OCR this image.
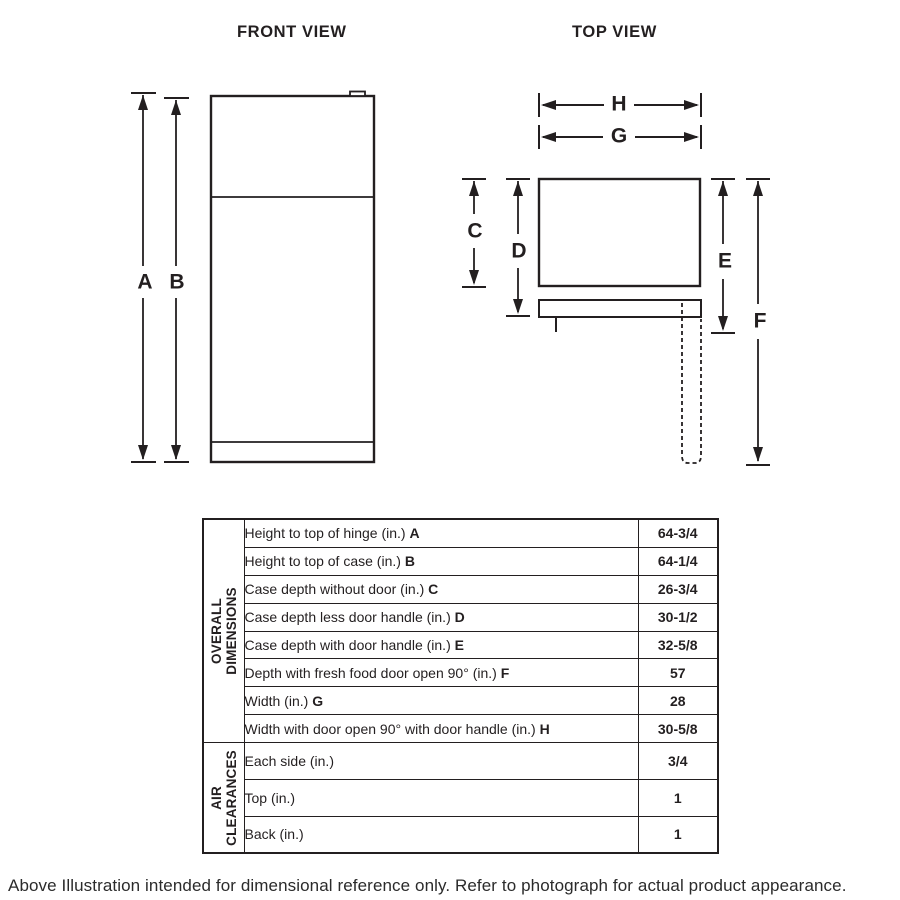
FRONT VIEW	TOP VIEW
A B
H
G
C
D	E
F
OVERALL DIMENSIONS	Height to top of hinge (in.) A	64-3/4
	Height to top of case (in.) B	64-1/4
	Case depth without door (in.) C	26-3/4
	Case depth less door handle (in.) D	30-1/2
	Case depth with door handle (in.) E	32-5/8
	Depth with fresh food door open 90° (in.) F	57
	Width (in.) G	28
	Width with door open 90° with door handle (in.) H	30-5/8

AIR CLEARANCES	Each side (in.)	3/4
	Top (in.)	1
	Back (in.)	1
Above Illustration intended for dimensional reference only. Refer to photograph for actual product appearance.
